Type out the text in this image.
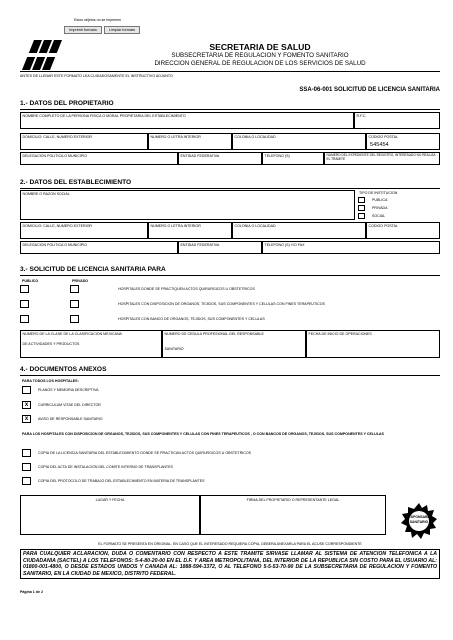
Estos objetos no se imprimen
Imprimir formato	Limpiar formato
SECRETARIA DE SALUD
SUBSECRETARIA DE REGULACION Y FOMENTO SANITARIO
DIRECCION GENERAL DE REGULACION DE LOS SERVICIOS DE SALUD
ANTES DE LLENAR ESTE FORMATO LEA CUIDADOSAMENTE EL INSTRUCTIVO ADJUNTO
SSA-06-001 SOLICITUD DE LICENCIA SANITARIA
1.- DATOS DEL PROPIETARIO
NOMBRE COMPLETO DE LA PERSONA FISICA O MORAL PROPIETARIA DEL ESTABLECIMIENTO	R.F.C.
DOMICILIO: CALLE, NUMERO EXTERIOR	NUMERO O LETRA INTERIOR	COLONIA O LOCALIDAD	CODIGO POSTAL
545454
DELEGACION POLITICA O MUNICIPIO	ENTIDAD FEDERATIVA	TELEFONO (S)	NUMERO DEL EXPEDIENTE DEL REGISTRO, INTERESADO NO REALIZA EL TRAMITE
2.- DATOS DEL ESTABLECIMIENTO
NOMBRE O RAZON SOCIAL	TIPO DE INSTITUCION
PUBLICA
PRIVADA
SOCIAL
DOMICILIO: CALLE, NUMERO EXTERIOR	NUMERO O LETRA INTERIOR	COLONIA O LOCALIDAD	CODIGO POSTAL
DELEGACION POLITICA O MUNICIPIO	ENTIDAD FEDERATIVA	TELEFONO (S) Y/O FAX
3.- SOLICITUD DE LICENCIA SANITARIA PARA
PUBLICO	PRIVADO
HOSPITALES DONDE SE PRACTIQUEN ACTOS QUIRURGICOS U OBSTETRICOS
HOSPITALES CON DISPOSICION DE ORGANOS, TEJIDOS, SUS COMPONENTES Y CELULAS CON FINES TERAPEUTICOS
HOSPITALES CON BANCO DE ORGANOS, TEJIDOS, SUS COMPONENTES Y CELULAS
NUMERO DE LA CLASE DE LA CLASIFICACION MEXICANA
DE ACTIVIDADES Y PRODUCTOS
NUMERO DE CEDULA PROFESIONAL DEL RESPONSABLE
SANITARIO
FECHA DE INICIO DE OPERACIONES
4.- DOCUMENTOS ANEXOS
PARA TODOS LOS HOSPITALES:
PLANOS Y MEMORIA DESCRIPTIVA
x	CURRICULUM VITAE DEL DIRECTOR
x	AVISO DE RESPONSABLE SANITARIO
PARA LOS HOSPITALES CON DISPOSICION DE ORGANOS, TEJIDOS, SUS COMPONENTES Y CELULAS CON FINES TERAPEUTICOS , O CON BANCOS DE ORGANOS, TEJIDOS, SUS COMPONENTES Y CELULAS
COPIA DE LA LICENCIA SANITARIA DEL ESTABLECIMIENTO DONDE SE PRACTICAN ACTOS QUIRURGICOS U OBSTETRICOS
COPIA DEL ACTA DE INSTALACION DEL COMITE INTERNO DE TRANSPLANTES
COPIA DEL PROTOCOLO DE TRABAJO DEL ESTABLECIMIENTO EN MATERIA DE TRANSPLANTES
LUGAR Y FECHA	FIRMA DEL PROPIETARIO O REPRESENTANTE LEGAL
RESPONSABLE
SANITARIO
EL FORMATO SE PRESENTA EN ORIGINAL, EN CASO QUE EL INTERESADO REQUIERA COPIA, DEBERA ANEXARLA PARA EL ACUSE CORRESPONDIENTE
PARA CUALQUIER ACLARACION, DUDA O COMENTARIO CON RESPECTO A ESTE TRAMITE SIRVASE LLAMAR AL SISTEMA DE ATENCION TELEFONICA A LA CIUDADANIA (SACTEL) A LOS TELEFONOS: 5-4-80-20-00 EN EL D.F. Y AREA METROPOLITANA, DEL INTERIOR DE LA REPUBLICA SIN COSTO PARA EL USUARIO AL: 01800-001-4800, O DESDE ESTADOS UNIDOS Y CANADA AL: 1888-594-3372, O AL TELEFONO 5-5-53-70-90 DE LA SUBSECRETARIA DE REGULACION Y FOMENTO SANITARIO, EN LA CIUDAD DE MEXICO, DISTRITO FEDERAL.
Página 1 de 2
